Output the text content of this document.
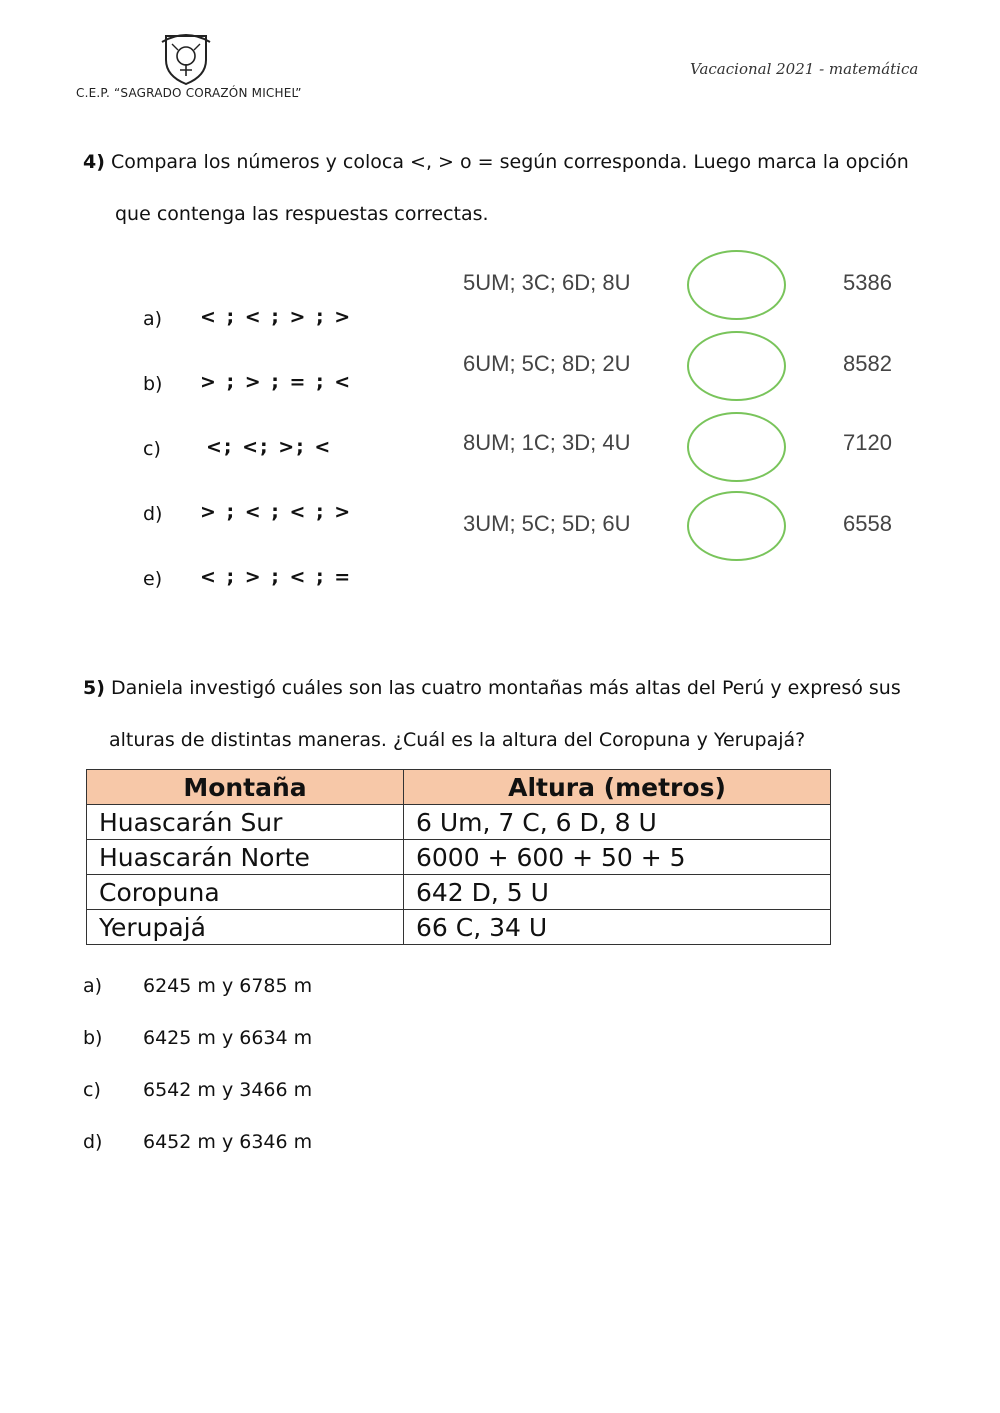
C.E.P. “SAGRADO CORAZÓN MICHEL”
Vacacional 2021 - matemática
4) Compara los números y coloca <, > o = según corresponda. Luego marca la opción
que contenga las respuestas correctas.
a) < ; < ; > ; >
b) > ; > ; = ; <
c) <; <; >; <
d) > ; < ; < ; >
e) < ; > ; < ; =
5UM; 3C; 6D; 8U	5386
6UM; 5C; 8D; 2U	8582
8UM; 1C; 3D; 4U	7120
3UM; 5C; 5D; 6U	6558
5) Daniela investigó cuáles son las cuatro montañas más altas del Perú y expresó sus
alturas de distintas maneras. ¿Cuál es la altura del Coropuna y Yerupajá?
Montaña	Altura (metros)
Huascarán Sur	6 Um, 7 C, 6 D, 8 U
Huascarán Norte	6000 + 600 + 50 + 5
Coropuna	642 D, 5 U
Yerupajá	66 C, 34 U
a) 6245 m y 6785 m
b) 6425 m y 6634 m
c) 6542 m y 3466 m
d) 6452 m y 6346 m
